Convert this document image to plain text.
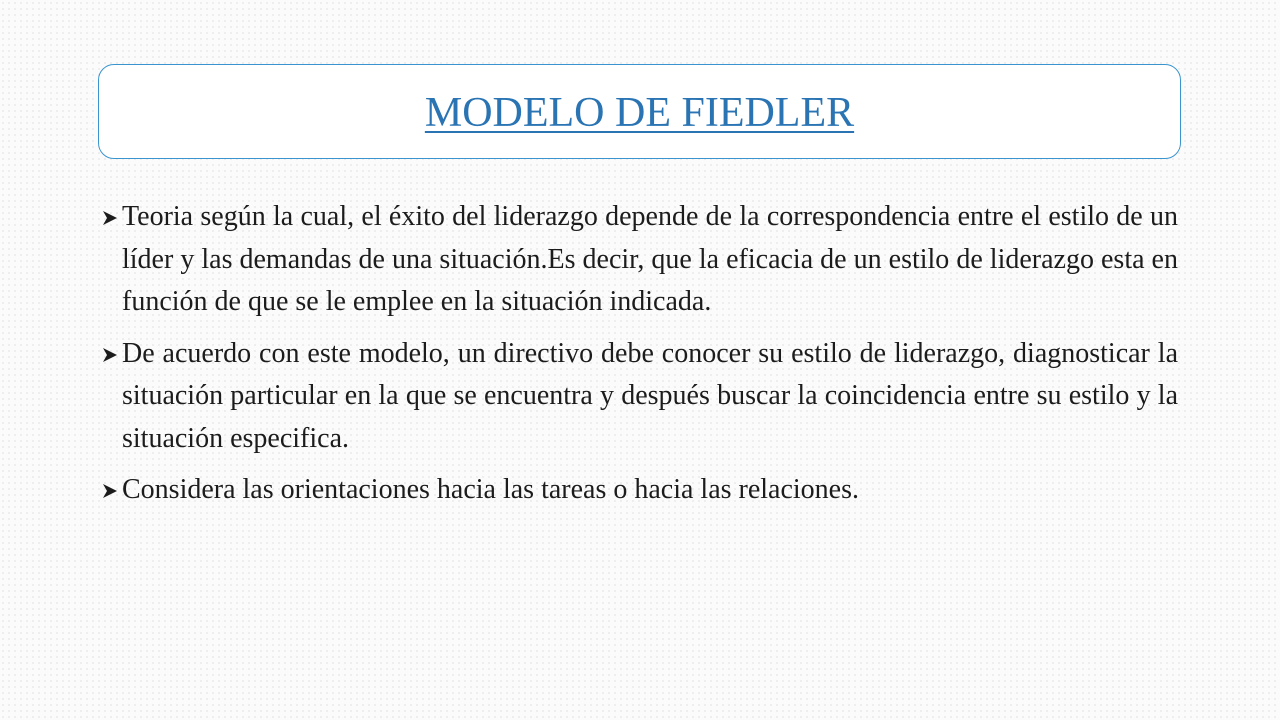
MODELO DE FIEDLER
Teoria según la cual, el éxito del liderazgo depende de la correspondencia entre el estilo de un líder y las demandas de una situación.Es decir, que la eficacia de un estilo de liderazgo esta en función de que se le emplee en la situación indicada.
De acuerdo con este modelo, un directivo debe conocer su estilo de liderazgo, diagnosticar la situación particular en la que se encuentra y después buscar la coincidencia entre su estilo y la situación especifica.
Considera las orientaciones hacia las tareas o hacia las relaciones.
